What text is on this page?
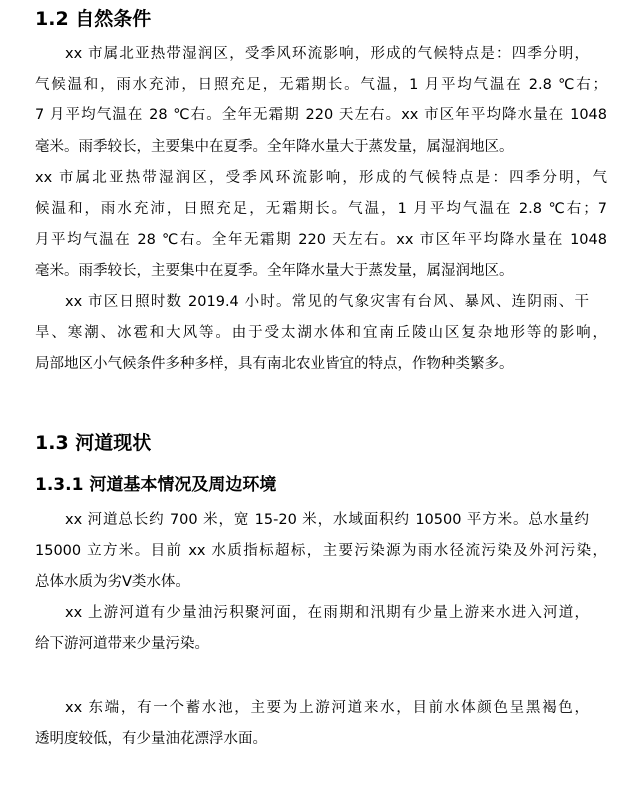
1.2 自然条件
xx 市属北亚热带湿润区，受季风环流影响，形成的气候特点是：四季分明，
气候温和，雨水充沛，日照充足，无霜期长。气温，1 月平均气温在 2.8 ℃右；
7 月平均气温在 28 ℃右。全年无霜期 220 天左右。xx 市区年平均降水量在 1048
毫米。雨季较长，主要集中在夏季。全年降水量大于蒸发量，属湿润地区。
xx 市属北亚热带湿润区，受季风环流影响，形成的气候特点是：四季分明，气
候温和，雨水充沛，日照充足，无霜期长。气温，1 月平均气温在 2.8 ℃右；7
月平均气温在 28 ℃右。全年无霜期 220 天左右。xx 市区年平均降水量在 1048
毫米。雨季较长，主要集中在夏季。全年降水量大于蒸发量，属湿润地区。
xx 市区日照时数 2019.4 小时。常见的气象灾害有台风、暴风、连阴雨、干
旱、寒潮、冰雹和大风等。由于受太湖水体和宜南丘陵山区复杂地形等的影响，
局部地区小气候条件多种多样，具有南北农业皆宜的特点，作物种类繁多。
1.3 河道现状
1.3.1 河道基本情况及周边环境
xx 河道总长约 700 米，宽 15-20 米，水域面积约 10500 平方米。总水量约
15000 立方米。目前 xx 水质指标超标，主要污染源为雨水径流污染及外河污染，
总体水质为劣Ⅴ类水体。
xx 上游河道有少量油污积聚河面，在雨期和汛期有少量上游来水进入河道，
给下游河道带来少量污染。
xx 东端，有一个蓄水池，主要为上游河道来水，目前水体颜色呈黑褐色，
透明度较低，有少量油花漂浮水面。
